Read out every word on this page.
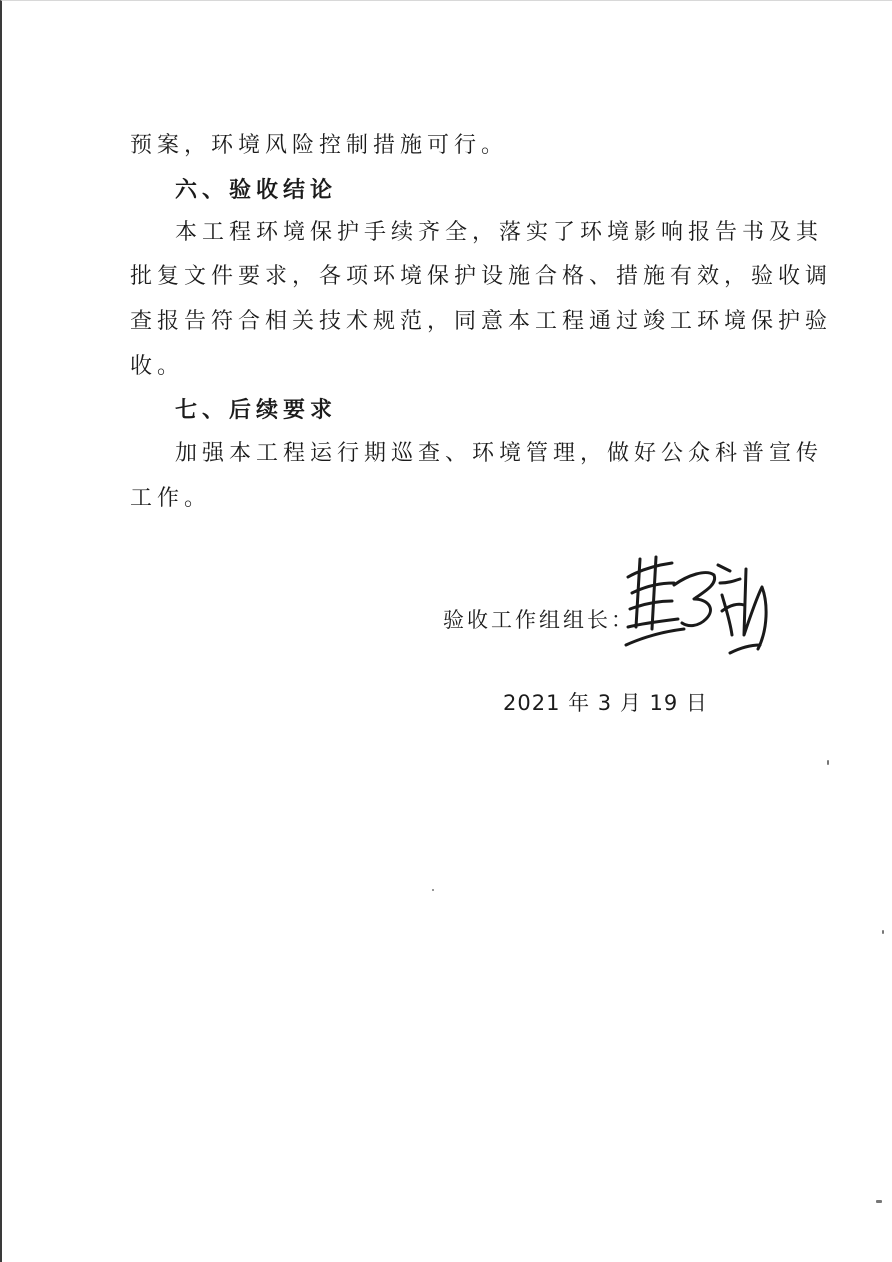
预案，环境风险控制措施可行。
六、验收结论
本工程环境保护手续齐全，落实了环境影响报告书及其
批复文件要求，各项环境保护设施合格、措施有效，验收调
查报告符合相关技术规范，同意本工程通过竣工环境保护验
收。
七、后续要求
加强本工程运行期巡查、环境管理，做好公众科普宣传
工作。
验收工作组组长：
2021 年 3 月 19 日
